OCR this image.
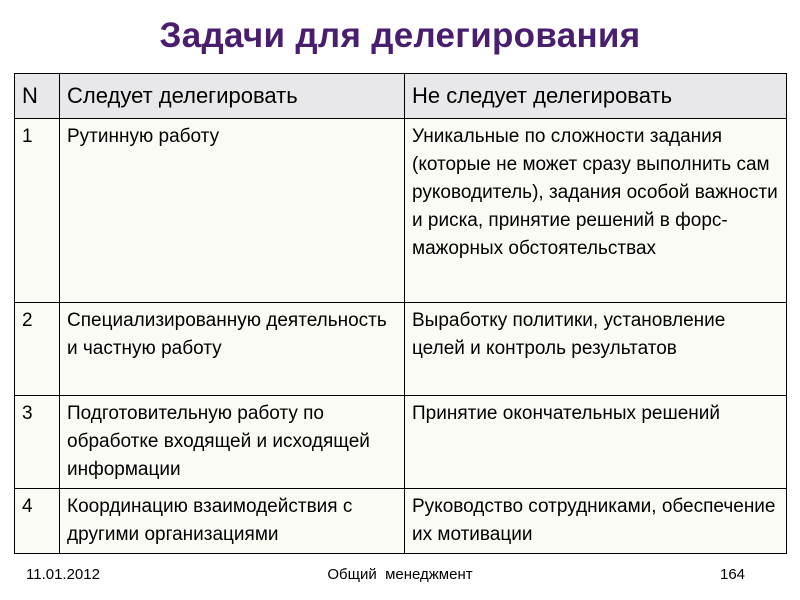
Задачи для делегирования
N	Следует делегировать	Не следует делегировать
1	Рутинную работу	Уникальные по сложности задания (которые не может сразу выполнить сам руководитель), задания особой важности и риска, принятие решений в форс-мажорных обстоятельствах
2	Специализированную деятельность и частную работу	Выработку политики, установление целей и контроль результатов
3	Подготовительную работу по обработке входящей и исходящей информации	Принятие окончательных решений
4	Координацию взаимодействия с другими организациями	Руководство сотрудниками, обеспечение их мотивации
11.01.2012	Общий  менеджмент	164
